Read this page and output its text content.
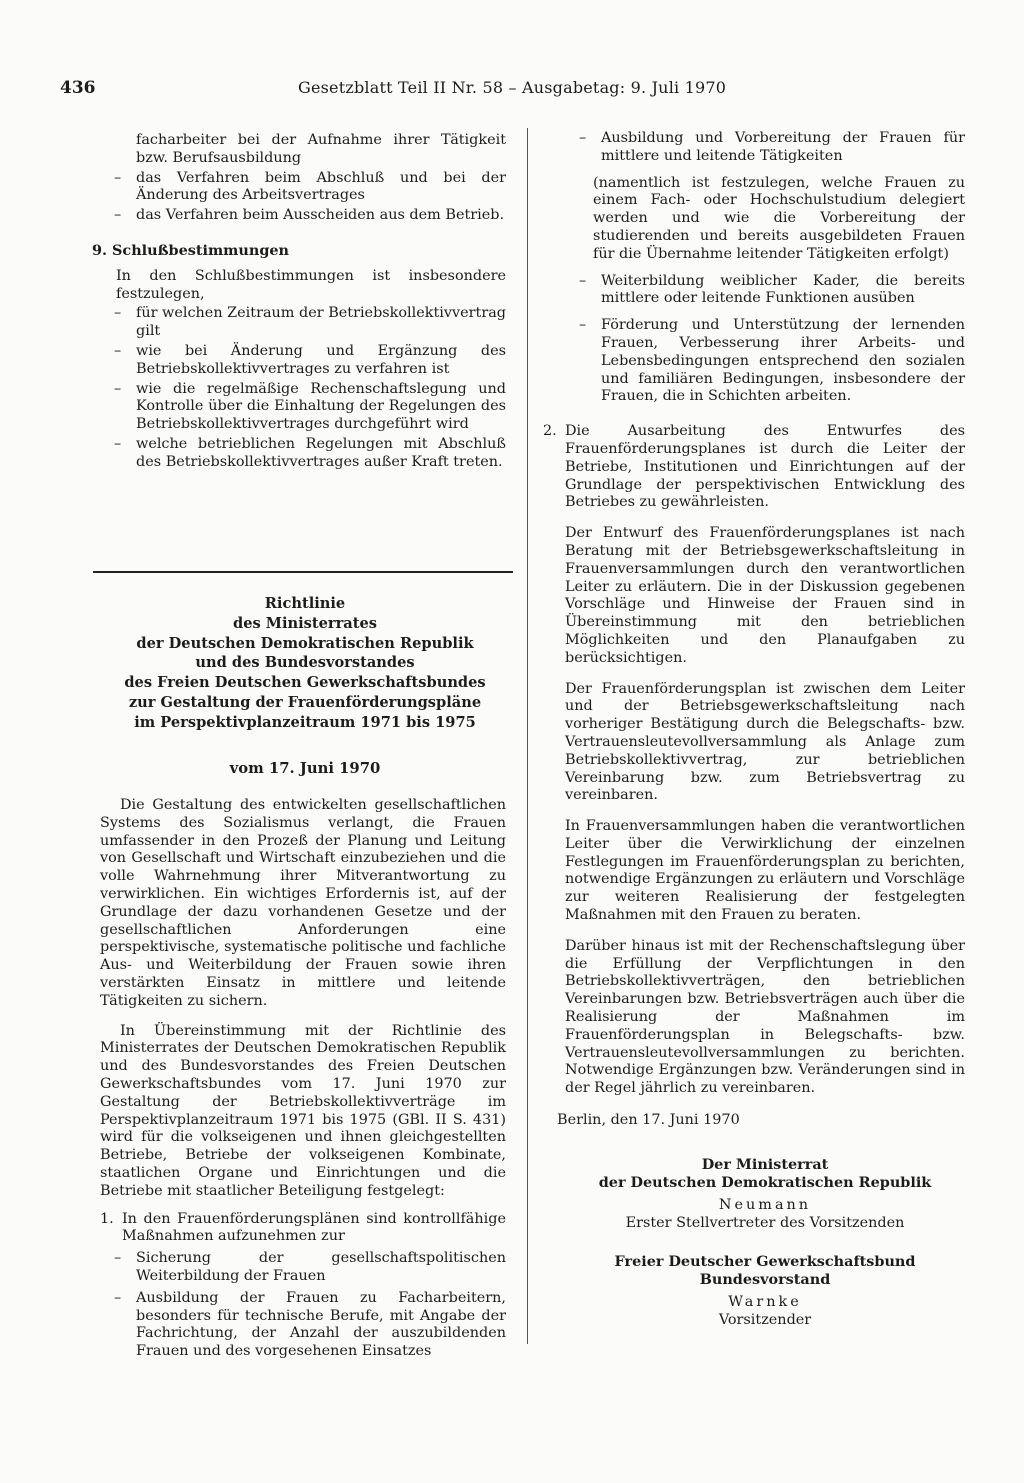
436	Gesetzblatt Teil II Nr. 58 – Ausgabetag: 9. Juli 1970

facharbeiter bei der Aufnahme ihrer Tätigkeit bzw. Berufsausbildung

– das Verfahren beim Abschluß und bei der Änderung des Arbeitsvertrages

– das Verfahren beim Ausscheiden aus dem Betrieb.

9. Schlußbestimmungen

In den Schlußbestimmungen ist insbesondere festzulegen,

– für welchen Zeitraum der Betriebskollektivvertrag gilt

– wie bei Änderung und Ergänzung des Betriebskollektivvertrages zu verfahren ist

– wie die regelmäßige Rechenschaftslegung und Kontrolle über die Einhaltung der Regelungen des Betriebskollektivvertrages durchgeführt wird

– welche betrieblichen Regelungen mit Abschluß des Betriebskollektivvertrages außer Kraft treten.

Richtlinie
des Ministerrates
der Deutschen Demokratischen Republik
und des Bundesvorstandes
des Freien Deutschen Gewerkschaftsbundes
zur Gestaltung der Frauenförderungspläne
im Perspektivplanzeitraum 1971 bis 1975
vom 17. Juni 1970

Die Gestaltung des entwickelten gesellschaftlichen Systems des Sozialismus verlangt, die Frauen umfassender in den Prozeß der Planung und Leitung von Gesellschaft und Wirtschaft einzubeziehen und die volle Wahrnehmung ihrer Mitverantwortung zu verwirklichen. Ein wichtiges Erfordernis ist, auf der Grundlage der dazu vorhandenen Gesetze und der gesellschaftlichen Anforderungen eine perspektivische, systematische politische und fachliche Aus- und Weiterbildung der Frauen sowie ihren verstärkten Einsatz in mittlere und leitende Tätigkeiten zu sichern.

In Übereinstimmung mit der Richtlinie des Ministerrates der Deutschen Demokratischen Republik und des Bundesvorstandes des Freien Deutschen Gewerkschaftsbundes vom 17. Juni 1970 zur Gestaltung der Betriebskollektivverträge im Perspektivplanzeitraum 1971 bis 1975 (GBl. II S. 431) wird für die volkseigenen und ihnen gleichgestellten Betriebe, Betriebe der volkseigenen Kombinate, staatlichen Organe und Einrichtungen und die Betriebe mit staatlicher Beteiligung festgelegt:

1. In den Frauenförderungsplänen sind kontrollfähige Maßnahmen aufzunehmen zur

– Sicherung der gesellschaftspolitischen Weiterbildung der Frauen

– Ausbildung der Frauen zu Facharbeitern, besonders für technische Berufe, mit Angabe der Fachrichtung, der Anzahl der auszubildenden Frauen und des vorgesehenen Einsatzes

– Ausbildung und Vorbereitung der Frauen für mittlere und leitende Tätigkeiten

(namentlich ist festzulegen, welche Frauen zu einem Fach- oder Hochschulstudium delegiert werden und wie die Vorbereitung der studierenden und bereits ausgebildeten Frauen für die Übernahme leitender Tätigkeiten erfolgt)

– Weiterbildung weiblicher Kader, die bereits mittlere oder leitende Funktionen ausüben

– Förderung und Unterstützung der lernenden Frauen, Verbesserung ihrer Arbeits- und Lebensbedingungen entsprechend den sozialen und familiären Bedingungen, insbesondere der Frauen, die in Schichten arbeiten.

2. Die Ausarbeitung des Entwurfes des Frauenförderungsplanes ist durch die Leiter der Betriebe, Institutionen und Einrichtungen auf der Grundlage der perspektivischen Entwicklung des Betriebes zu gewährleisten.

Der Entwurf des Frauenförderungsplanes ist nach Beratung mit der Betriebsgewerkschaftsleitung in Frauenversammlungen durch den verantwortlichen Leiter zu erläutern. Die in der Diskussion gegebenen Vorschläge und Hinweise der Frauen sind in Übereinstimmung mit den betrieblichen Möglichkeiten und den Planaufgaben zu berücksichtigen.

Der Frauenförderungsplan ist zwischen dem Leiter und der Betriebsgewerkschaftsleitung nach vorheriger Bestätigung durch die Belegschafts- bzw. Vertrauensleutevollversammlung als Anlage zum Betriebskollektivvertrag, zur betrieblichen Vereinbarung bzw. zum Betriebsvertrag zu vereinbaren.

In Frauenversammlungen haben die verantwortlichen Leiter über die Verwirklichung der einzelnen Festlegungen im Frauenförderungsplan zu berichten, notwendige Ergänzungen zu erläutern und Vorschläge zur weiteren Realisierung der festgelegten Maßnahmen mit den Frauen zu beraten.

Darüber hinaus ist mit der Rechenschaftslegung über die Erfüllung der Verpflichtungen in den Betriebskollektivverträgen, den betrieblichen Vereinbarungen bzw. Betriebsverträgen auch über die Realisierung der Maßnahmen im Frauenförderungsplan in Belegschafts- bzw. Vertrauensleutevollversammlungen zu berichten. Notwendige Ergänzungen bzw. Veränderungen sind in der Regel jährlich zu vereinbaren.

Berlin, den 17. Juni 1970

Der Ministerrat
der Deutschen Demokratischen Republik
Neumann
Erster Stellvertreter des Vorsitzenden
Freier Deutscher Gewerkschaftsbund
Bundesvorstand
Warnke
Vorsitzender
